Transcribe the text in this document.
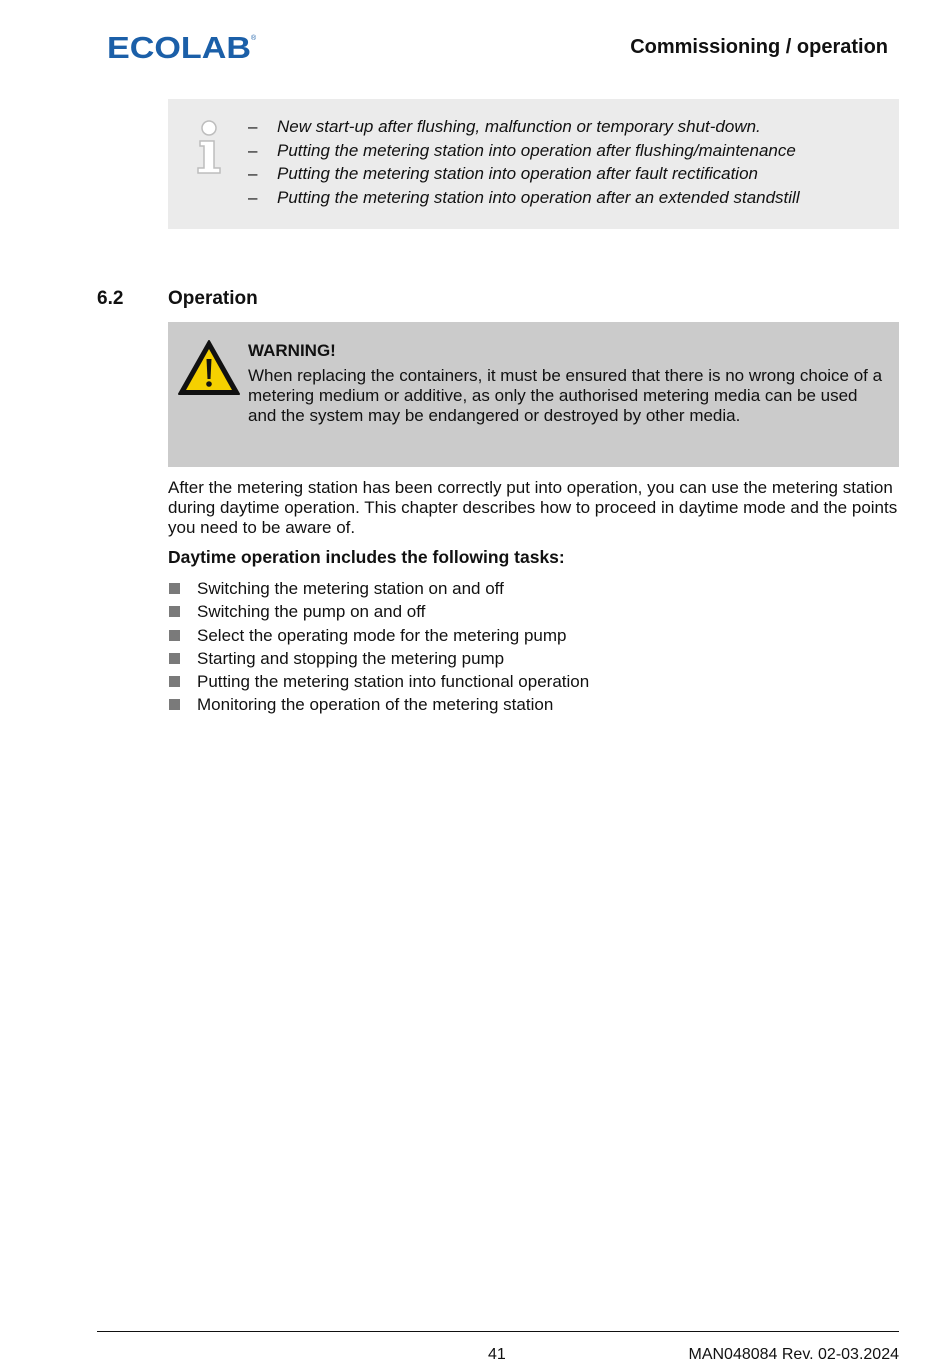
ECOLAB ®	Commissioning / operation
– New start-up after flushing, malfunction or temporary shut-down.
– Putting the metering station into operation after flushing/maintenance
– Putting the metering station into operation after fault rectification
– Putting the metering station into operation after an extended standstill
6.2 Operation
WARNING!

When replacing the containers, it must be ensured that there is no wrong choice of a metering medium or additive, as only the authorised metering media can be used and the system may be endangered or destroyed by other media.

After the metering station has been correctly put into operation, you can use the metering station during daytime operation. This chapter describes how to proceed in daytime mode and the points you need to be aware of.

Daytime operation includes the following tasks:
Switching the metering station on and off
Switching the pump on and off
Select the operating mode for the metering pump
Starting and stopping the metering pump
Putting the metering station into functional operation
Monitoring the operation of the metering station
41	MAN048084 Rev. 02-03.2024
